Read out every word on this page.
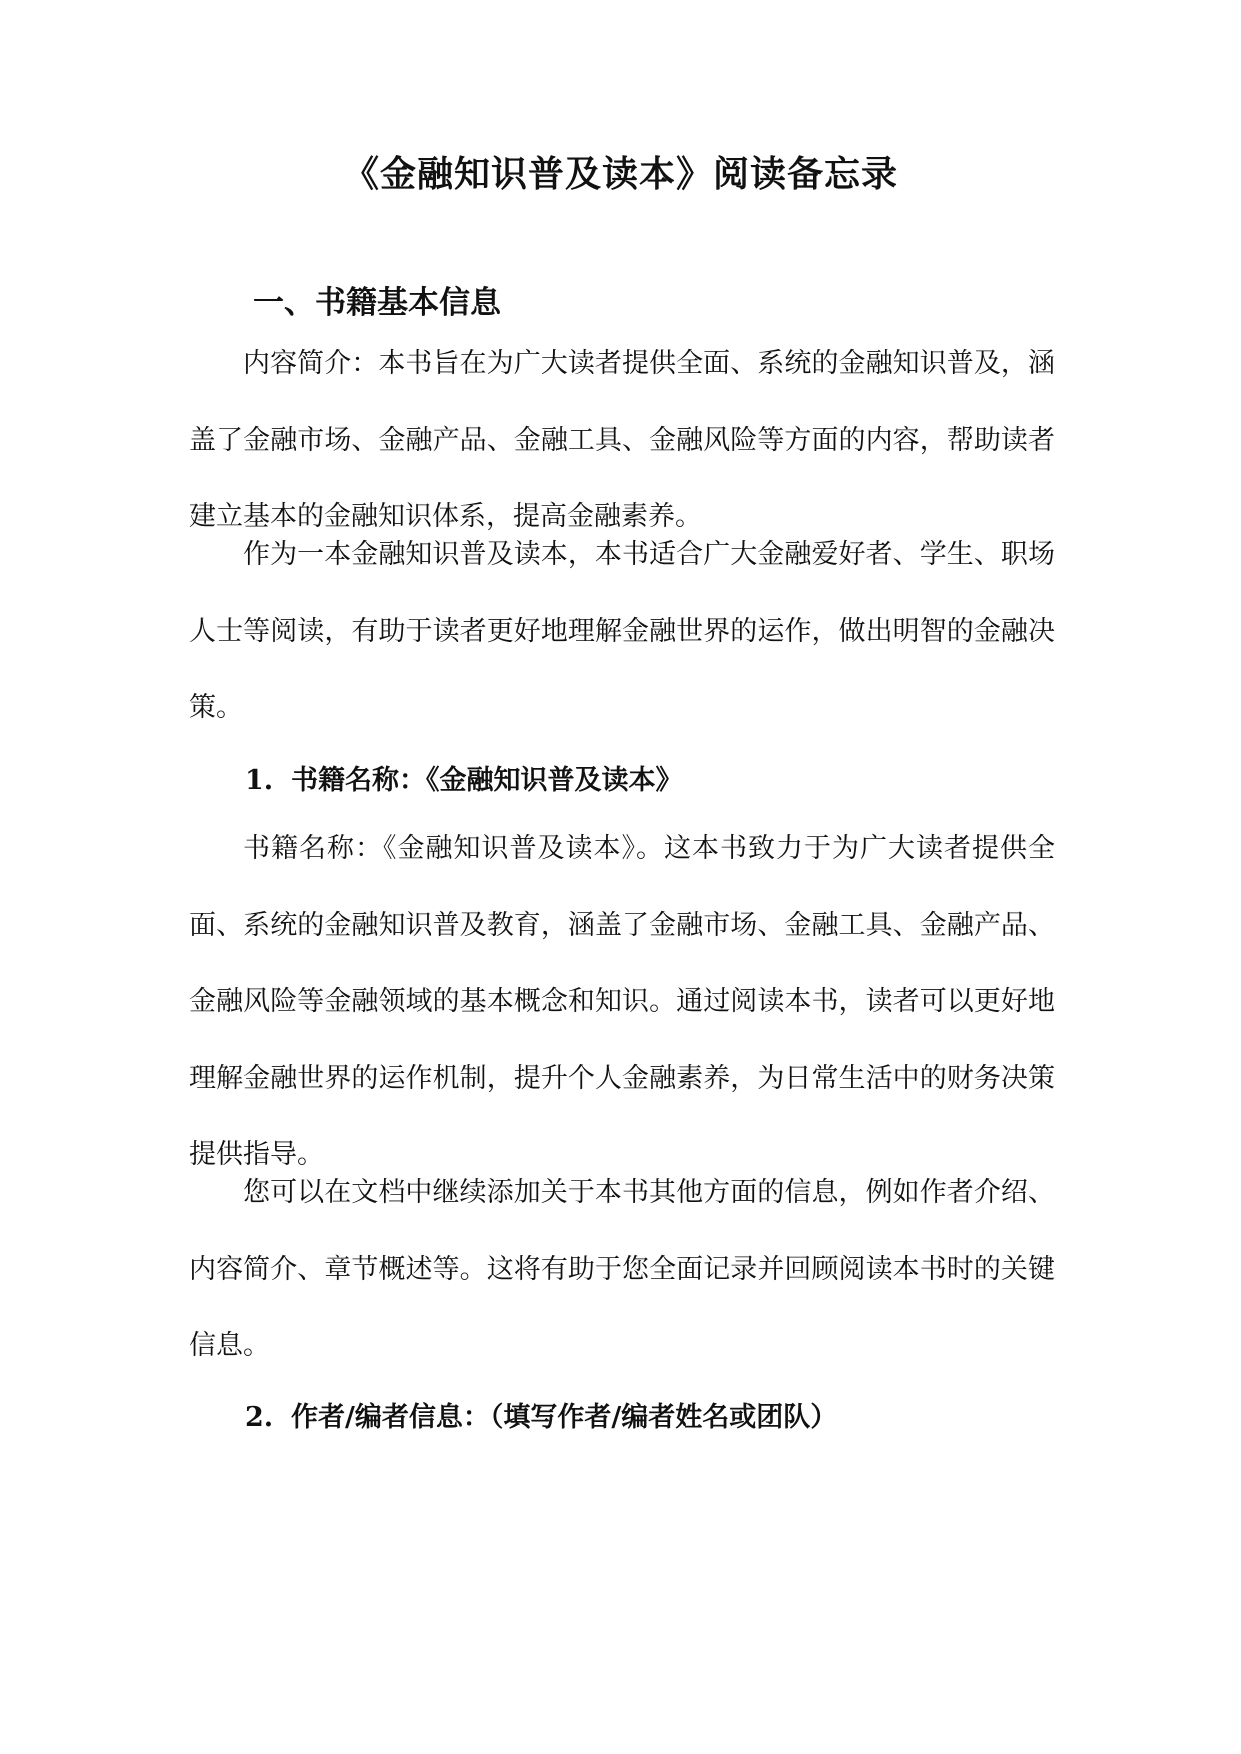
《金融知识普及读本》阅读备忘录
一、书籍基本信息

内容简介：本书旨在为广大读者提供全面、系统的金融知识普及，涵盖了金融市场、金融产品、金融工具、金融风险等方面的内容，帮助读者建立基本的金融知识体系，提高金融素养。

作为一本金融知识普及读本，本书适合广大金融爱好者、学生、职场人士等阅读，有助于读者更好地理解金融世界的运作，做出明智的金融决策。

1. 书籍名称：《金融知识普及读本》

书籍名称：《金融知识普及读本》。这本书致力于为广大读者提供全面、系统的金融知识普及教育，涵盖了金融市场、金融工具、金融产品、金融风险等金融领域的基本概念和知识。通过阅读本书，读者可以更好地理解金融世界的运作机制，提升个人金融素养，为日常生活中的财务决策提供指导。

您可以在文档中继续添加关于本书其他方面的信息，例如作者介绍、内容简介、章节概述等。这将有助于您全面记录并回顾阅读本书时的关键信息。

2. 作者/编者信息：（填写作者/编者姓名或团队）
